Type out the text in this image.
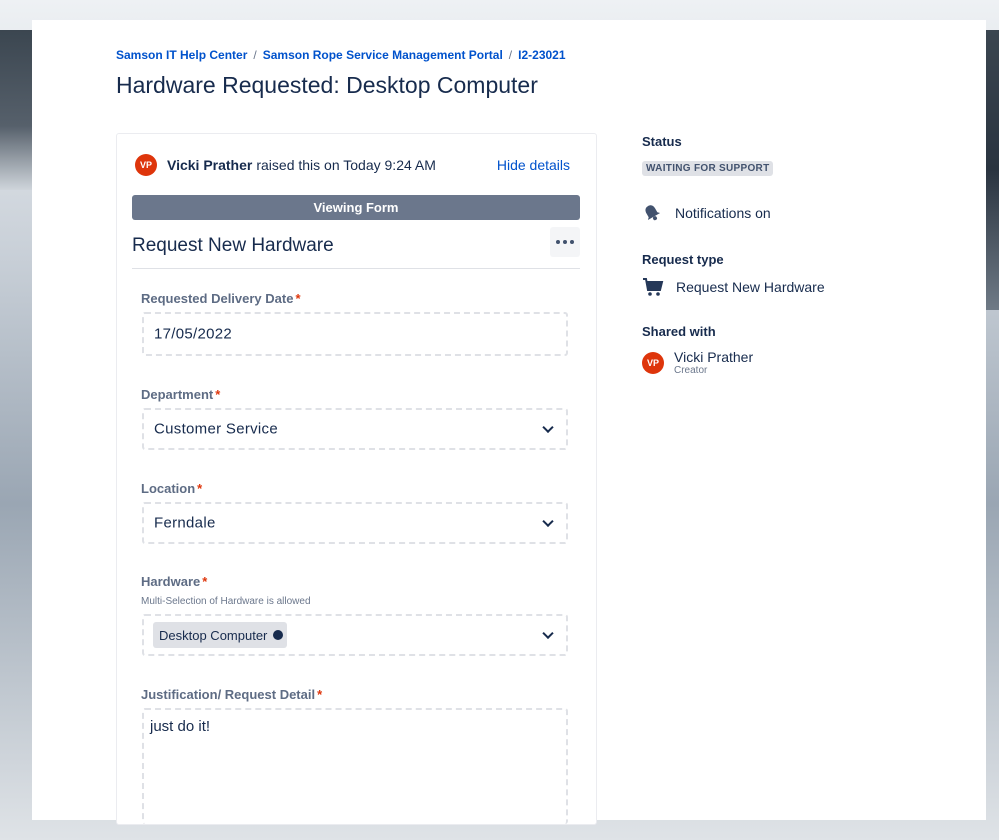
Samson IT Help Center / Samson Rope Service Management Portal / I2-23021
Hardware Requested: Desktop Computer
VP	Vicki Prather raised this on Today 9:24 AM	Hide details
Viewing Form
Request New Hardware
Requested Delivery Date *
17/05/2022
Department *
Customer Service
Location *
Ferndale
Hardware *
Multi-Selection of Hardware is allowed
Desktop Computer
Justification/ Request Detail *
just do it!
Status
WAITING FOR SUPPORT
Notifications on
Request type
Request New Hardware
Shared with
VP	Vicki Prather
Creator
